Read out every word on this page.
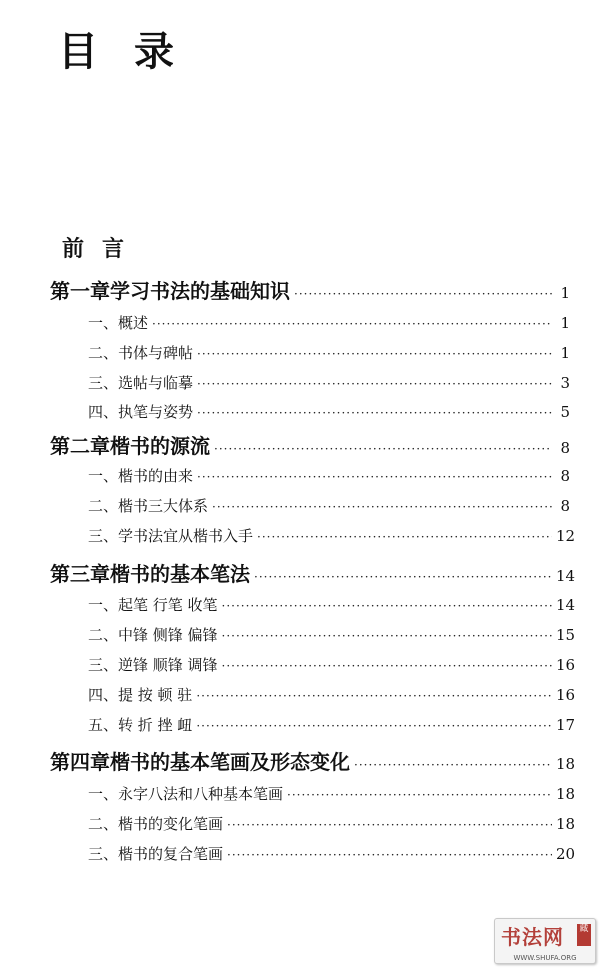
目录
前言
第一章 学习书法的基础知识 ·····	1
一、概述 ·····	1
二、书体与碑帖 ·····	1
三、选帖与临摹 ·····	3
四、执笔与姿势 ·····	5
第二章 楷书的源流 ·····	8
一、楷书的由来 ·····	8
二、楷书三大体系 ·····	8
三、学书法宜从楷书入手 ·····	12
第三章 楷书的基本笔法 ·····	14
一、起笔 行笔 收笔 ·····	14
二、中锋 侧锋 偏锋 ·····	15
三、逆锋 顺锋 调锋 ·····	16
四、提 按 顿 驻 ·····	16
五、转 折 挫 衄 ·····	17
第四章 楷书的基本笔画及形态变化 ·····	18
一、永字八法和八种基本笔画 ·····	18
二、楷书的变化笔画 ·····	18
三、楷书的复合笔画 ·····	20
书法网 藏
WWW.SHUFA.ORG
